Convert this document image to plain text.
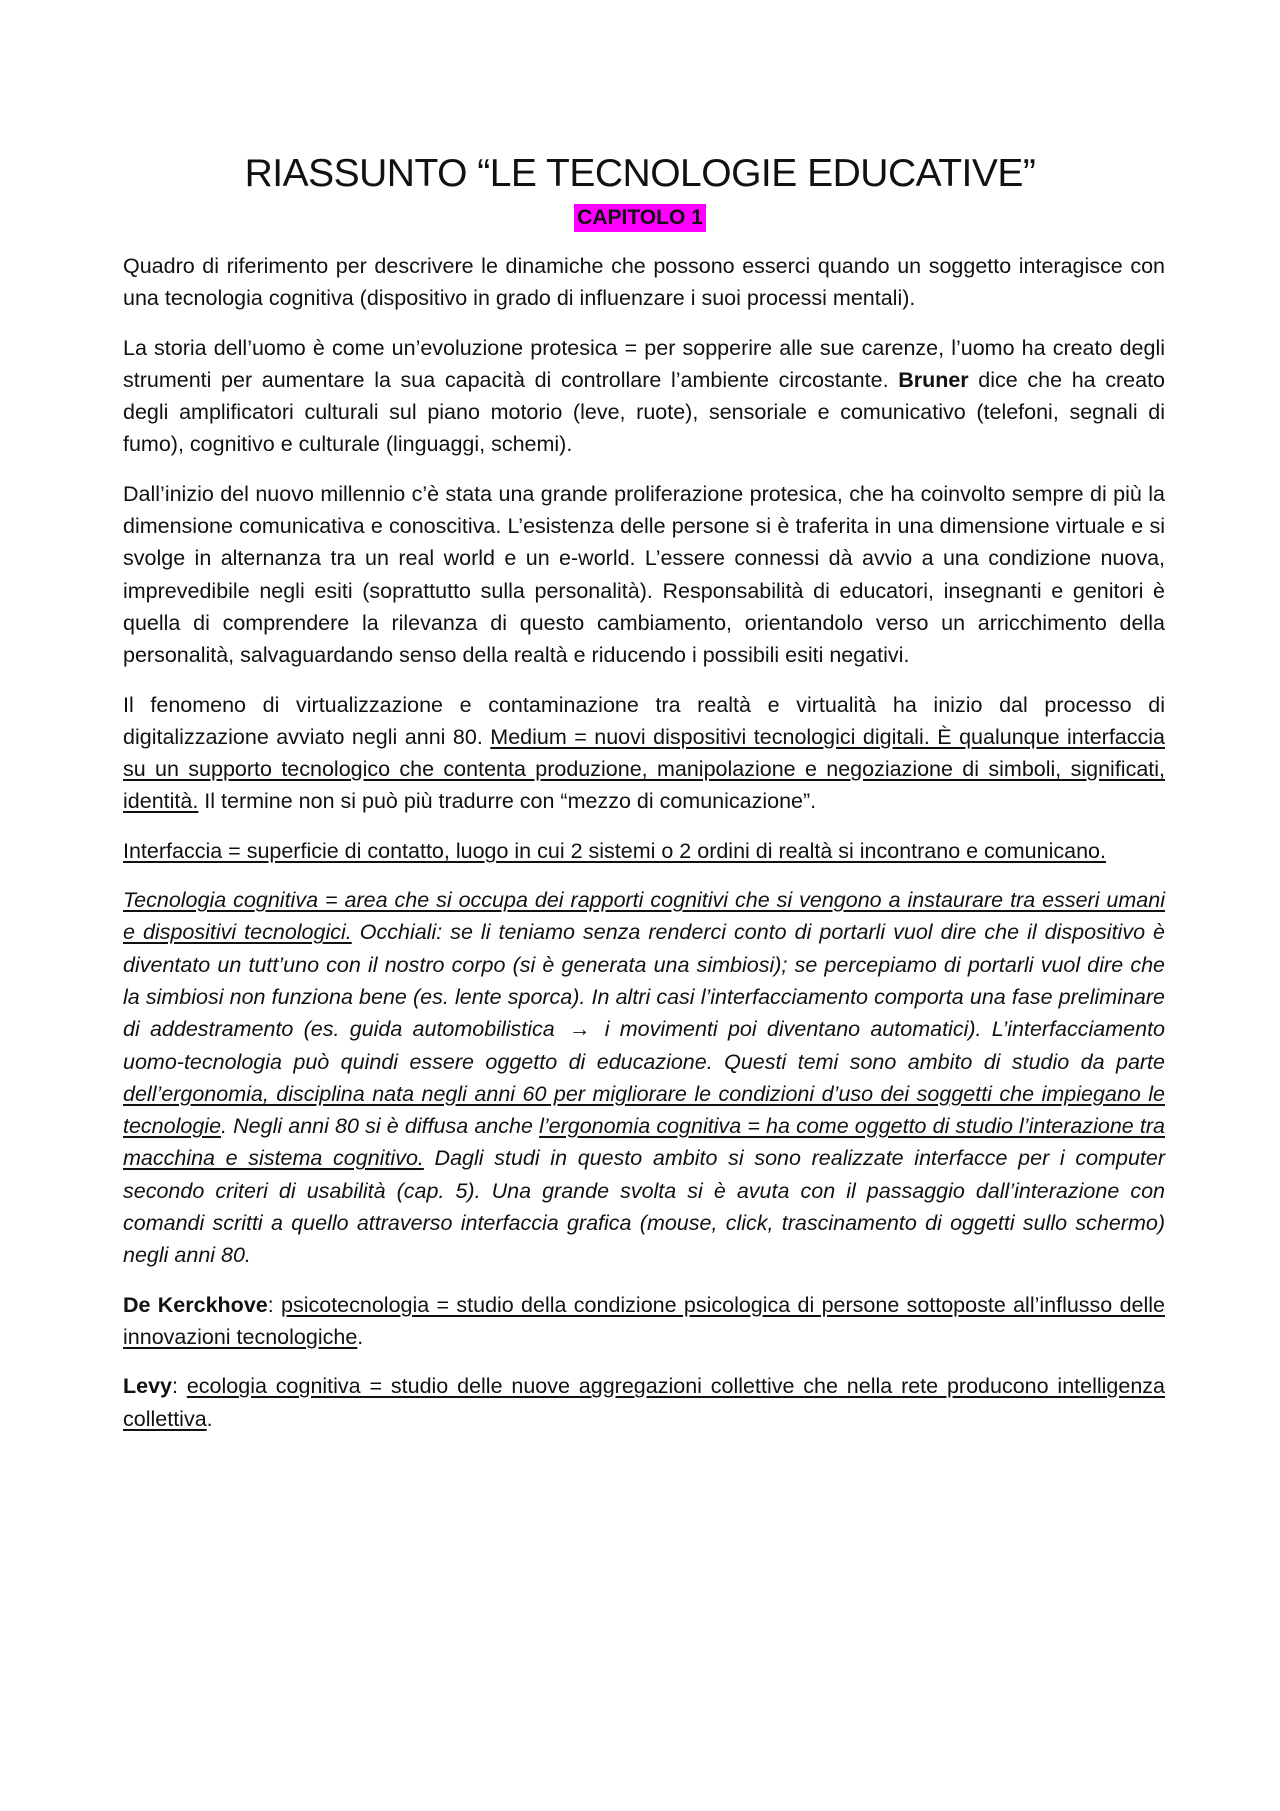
RIASSUNTO “LE TECNOLOGIE EDUCATIVE”
CAPITOLO 1

Quadro di riferimento per descrivere le dinamiche che possono esserci quando un soggetto interagisce con una tecnologia cognitiva (dispositivo in grado di influenzare i suoi processi mentali).

La storia dell’uomo è come un’evoluzione protesica = per sopperire alle sue carenze, l’uomo ha creato degli strumenti per aumentare la sua capacità di controllare l’ambiente circostante. Bruner dice che ha creato degli amplificatori culturali sul piano motorio (leve, ruote), sensoriale e comunicativo (telefoni, segnali di fumo), cognitivo e culturale (linguaggi, schemi).

Dall’inizio del nuovo millennio c’è stata una grande proliferazione protesica, che ha coinvolto sempre di più la dimensione comunicativa e conoscitiva. L’esistenza delle persone si è traferita in una dimensione virtuale e si svolge in alternanza tra un real world e un e-world. L’essere connessi dà avvio a una condizione nuova, imprevedibile negli esiti (soprattutto sulla personalità). Responsabilità di educatori, insegnanti e genitori è quella di comprendere la rilevanza di questo cambiamento, orientandolo verso un arricchimento della personalità, salvaguardando senso della realtà e riducendo i possibili esiti negativi.

Il fenomeno di virtualizzazione e contaminazione tra realtà e virtualità ha inizio dal processo di digitalizzazione avviato negli anni 80. Medium = nuovi dispositivi tecnologici digitali. È qualunque interfaccia su un supporto tecnologico che contenta produzione, manipolazione e negoziazione di simboli, significati, identità. Il termine non si può più tradurre con “mezzo di comunicazione”.

Interfaccia = superficie di contatto, luogo in cui 2 sistemi o 2 ordini di realtà si incontrano e comunicano.

Tecnologia cognitiva = area che si occupa dei rapporti cognitivi che si vengono a instaurare tra esseri umani e dispositivi tecnologici. Occhiali: se li teniamo senza renderci conto di portarli vuol dire che il dispositivo è diventato un tutt’uno con il nostro corpo (si è generata una simbiosi); se percepiamo di portarli vuol dire che la simbiosi non funziona bene (es. lente sporca). In altri casi l’interfacciamento comporta una fase preliminare di addestramento (es. guida automobilistica → i movimenti poi diventano automatici). L’interfacciamento uomo-tecnologia può quindi essere oggetto di educazione. Questi temi sono ambito di studio da parte dell’ergonomia, disciplina nata negli anni 60 per migliorare le condizioni d’uso dei soggetti che impiegano le tecnologie. Negli anni 80 si è diffusa anche l’ergonomia cognitiva = ha come oggetto di studio l’interazione tra macchina e sistema cognitivo. Dagli studi in questo ambito si sono realizzate interfacce per i computer secondo criteri di usabilità (cap. 5). Una grande svolta si è avuta con il passaggio dall’interazione con comandi scritti a quello attraverso interfaccia grafica (mouse, click, trascinamento di oggetti sullo schermo) negli anni 80.

De Kerckhove: psicotecnologia = studio della condizione psicologica di persone sottoposte all’influsso delle innovazioni tecnologiche.

Levy: ecologia cognitiva = studio delle nuove aggregazioni collettive che nella rete producono intelligenza collettiva.
